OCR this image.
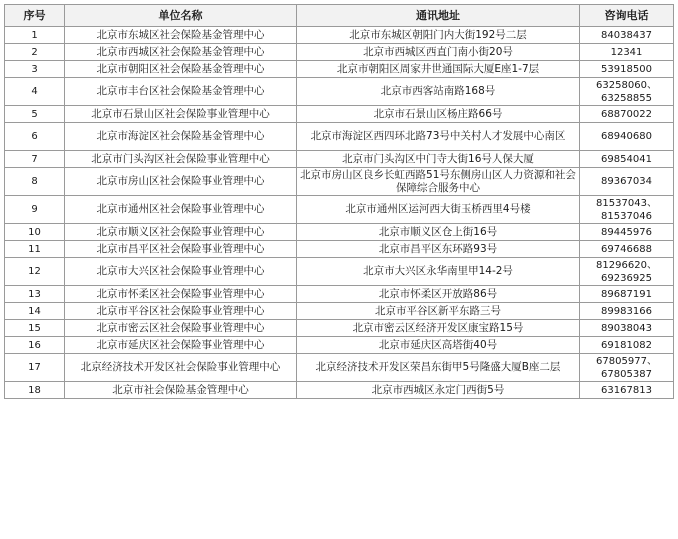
序号	单位名称	通讯地址	咨询电话
1	北京市东城区社会保险基金管理中心	北京市东城区朝阳门内大街192号二层	84038437

2	北京市西城区社会保险基金管理中心	北京市西城区西直门南小街20号	12341

3	北京市朝阳区社会保险基金管理中心	北京市朝阳区周家井世通国际大厦E座1-7层	53918500

4	北京市丰台区社会保险基金管理中心	北京市西客站南路168号	63258060、
63258855

5	北京市石景山区社会保险事业管理中心	北京市石景山区杨庄路66号	68870022

6	北京市海淀区社会保险基金管理中心	北京市海淀区西四环北路73号中关村人才发展中心南区	68940680

7	北京市门头沟区社会保险事业管理中心	北京市门头沟区中门寺大街16号人保大厦	69854041

8	北京市房山区社会保险事业管理中心	北京市房山区良乡长虹西路51号东侧房山区人力资源和社会保障综合服务中心	89367034

9	北京市通州区社会保险事业管理中心	北京市通州区运河西大街玉桥西里4号楼	81537043、
81537046

10	北京市顺义区社会保险事业管理中心	北京市顺义区仓上街16号	89445976

11	北京市昌平区社会保险事业管理中心	北京市昌平区东环路93号	69746688

12	北京市大兴区社会保险事业管理中心	北京市大兴区永华南里甲14-2号	81296620、
69236925

13	北京市怀柔区社会保险事业管理中心	北京市怀柔区开放路86号	89687191

14	北京市平谷区社会保险事业管理中心	北京市平谷区新平东路三号	89983166

15	北京市密云区社会保险事业管理中心	北京市密云区经济开发区康宝路15号	89038043

16	北京市延庆区社会保险事业管理中心	北京市延庆区高塔街40号	69181082

17	北京经济技术开发区社会保险事业管理中心	北京经济技术开发区荣昌东街甲5号隆盛大厦B座二层	67805977、
67805387

18	北京市社会保险基金管理中心	北京市西城区永定门西街5号	63167813
